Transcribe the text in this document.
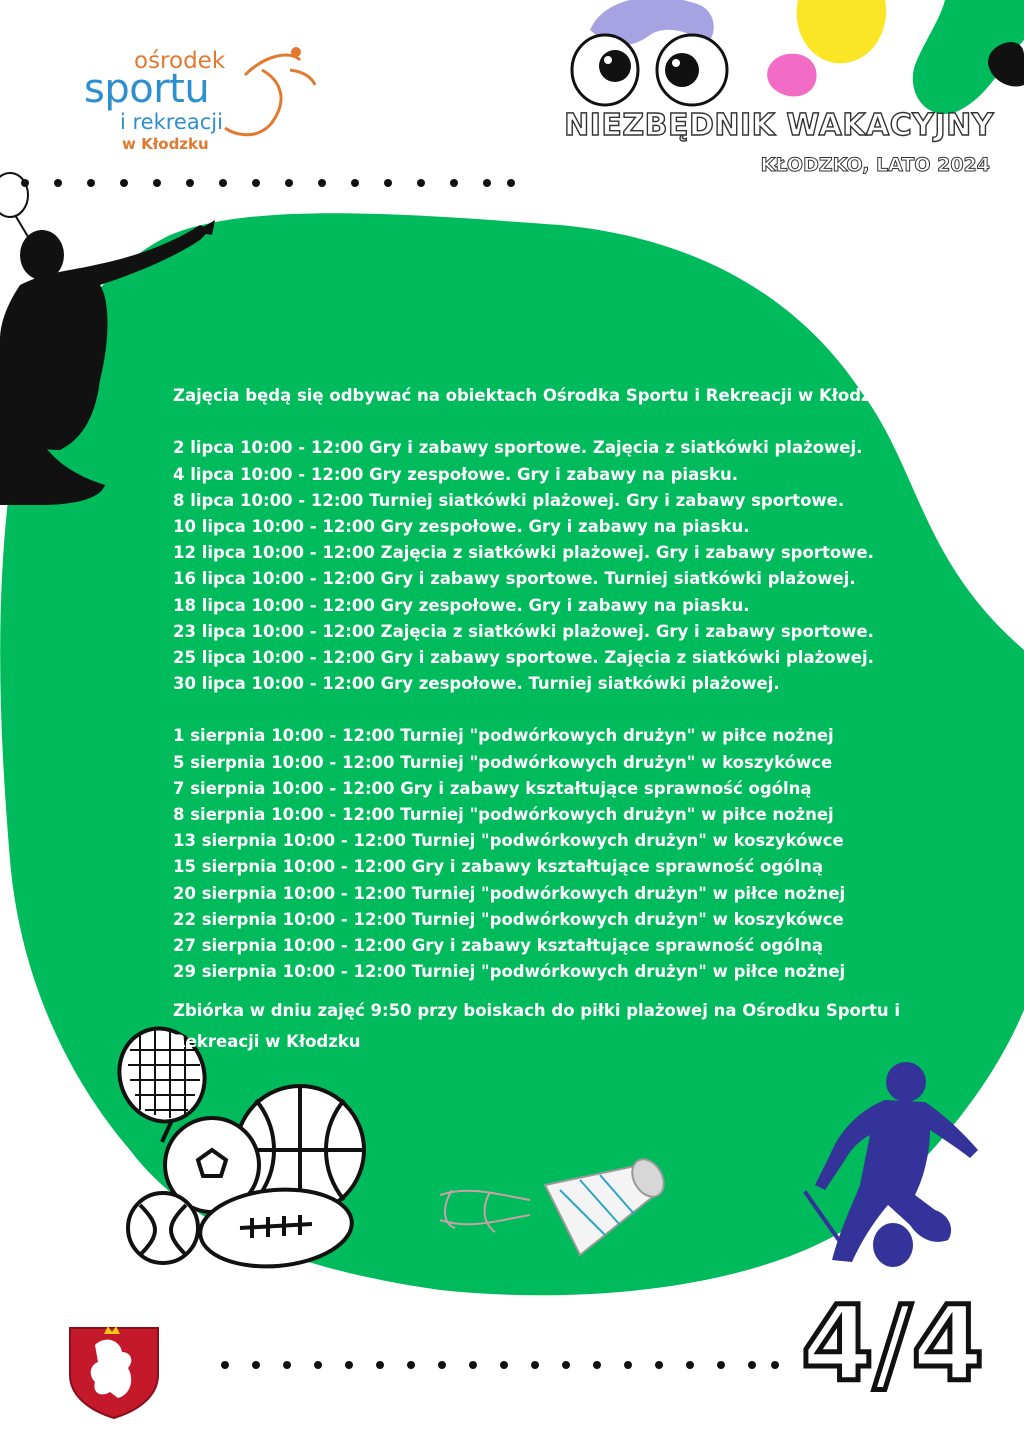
ośrodek
sportu
i rekreacji
w Kłodzku
NIEZBĘDNIK WAKACYJNY
KŁODZKO, LATO 2024
Zajęcia będą się odbywać na obiektach Ośrodka Sportu i Rekreacji w Kłodzku:
2 lipca 10:00 - 12:00 Gry i zabawy sportowe. Zajęcia z siatkówki plażowej.
4 lipca 10:00 - 12:00 Gry zespołowe. Gry i zabawy na piasku.
8 lipca 10:00 - 12:00 Turniej siatkówki plażowej. Gry i zabawy sportowe.
10 lipca 10:00 - 12:00 Gry zespołowe. Gry i zabawy na piasku.
12 lipca 10:00 - 12:00 Zajęcia z siatkówki plażowej. Gry i zabawy sportowe.
16 lipca 10:00 - 12:00 Gry i zabawy sportowe. Turniej siatkówki plażowej.
18 lipca 10:00 - 12:00 Gry zespołowe. Gry i zabawy na piasku.
23 lipca 10:00 - 12:00 Zajęcia z siatkówki plażowej. Gry i zabawy sportowe.
25 lipca 10:00 - 12:00 Gry i zabawy sportowe. Zajęcia z siatkówki plażowej.
30 lipca 10:00 - 12:00 Gry zespołowe. Turniej siatkówki plażowej.
1 sierpnia 10:00 - 12:00 Turniej "podwórkowych drużyn" w piłce nożnej
5 sierpnia 10:00 - 12:00 Turniej "podwórkowych drużyn" w koszykówce
7 sierpnia 10:00 - 12:00 Gry i zabawy kształtujące sprawność ogólną
8 sierpnia 10:00 - 12:00 Turniej "podwórkowych drużyn" w piłce nożnej
13 sierpnia 10:00 - 12:00 Turniej "podwórkowych drużyn" w koszykówce
15 sierpnia 10:00 - 12:00 Gry i zabawy kształtujące sprawność ogólną
20 sierpnia 10:00 - 12:00 Turniej "podwórkowych drużyn" w piłce nożnej
22 sierpnia 10:00 - 12:00 Turniej "podwórkowych drużyn" w koszykówce
27 sierpnia 10:00 - 12:00 Gry i zabawy kształtujące sprawność ogólną
29 sierpnia 10:00 - 12:00 Turniej "podwórkowych drużyn" w piłce nożnej
Zbiórka w dniu zajęć 9:50 przy boiskach do piłki plażowej na Ośrodku Sportu i Rekreacji w Kłodzku
4/4
